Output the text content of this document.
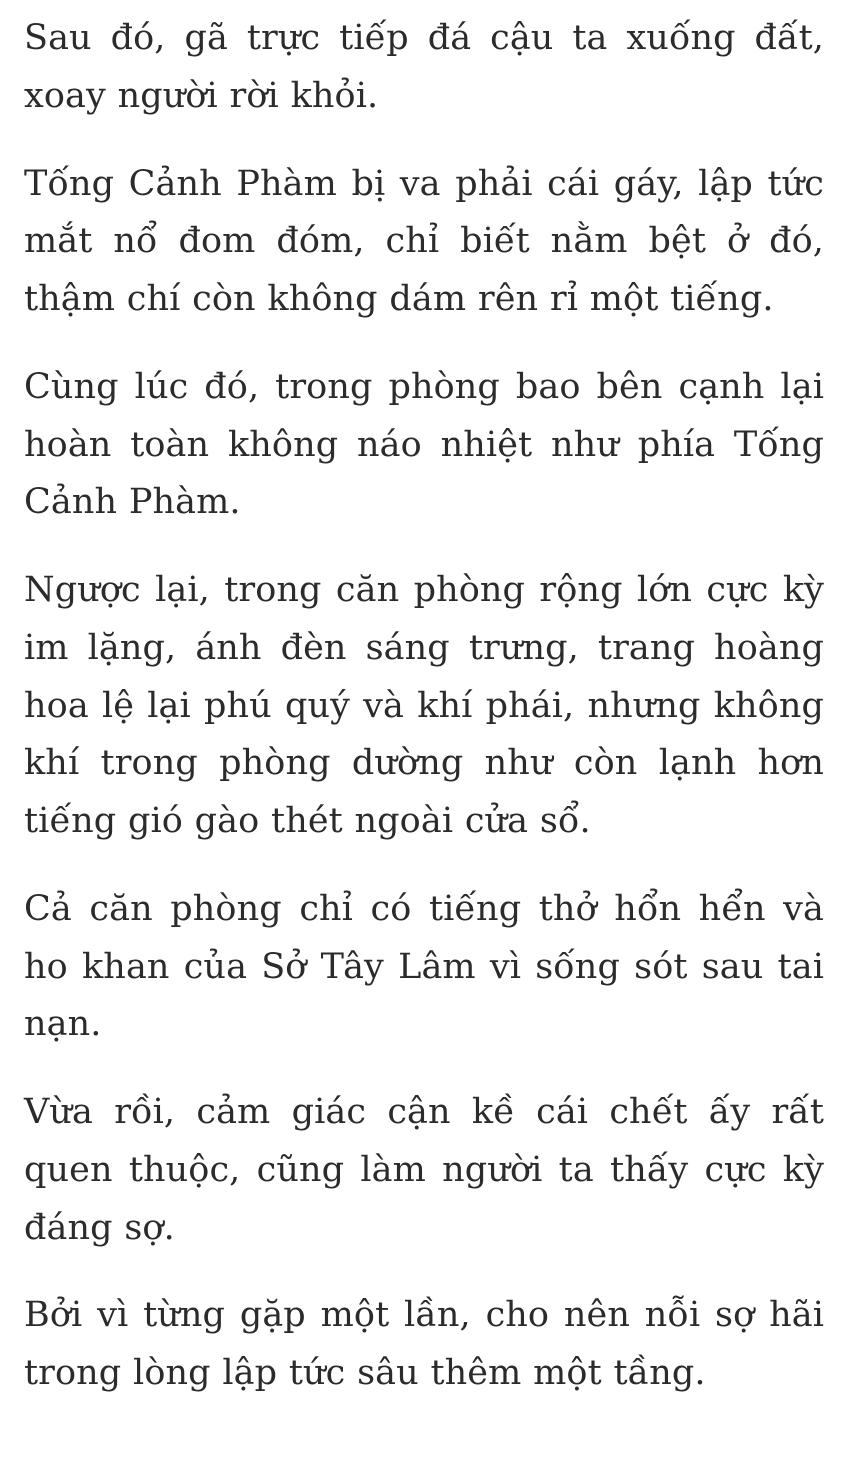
Sau đó, gã trực tiếp đá cậu ta xuống đất, xoay người rời khỏi.

Tống Cảnh Phàm bị va phải cái gáy, lập tức mắt nổ đom đóm, chỉ biết nằm bệt ở đó, thậm chí còn không dám rên rỉ một tiếng.

Cùng lúc đó, trong phòng bao bên cạnh lại hoàn toàn không náo nhiệt như phía Tống Cảnh Phàm.

Ngược lại, trong căn phòng rộng lớn cực kỳ im lặng, ánh đèn sáng trưng, trang hoàng hoa lệ lại phú quý và khí phái, nhưng không khí trong phòng dường như còn lạnh hơn tiếng gió gào thét ngoài cửa sổ.

Cả căn phòng chỉ có tiếng thở hổn hển và ho khan của Sở Tây Lâm vì sống sót sau tai nạn.

Vừa rồi, cảm giác cận kề cái chết ấy rất quen thuộc, cũng làm người ta thấy cực kỳ đáng sợ.

Bởi vì từng gặp một lần, cho nên nỗi sợ hãi trong lòng lập tức sâu thêm một tầng.
